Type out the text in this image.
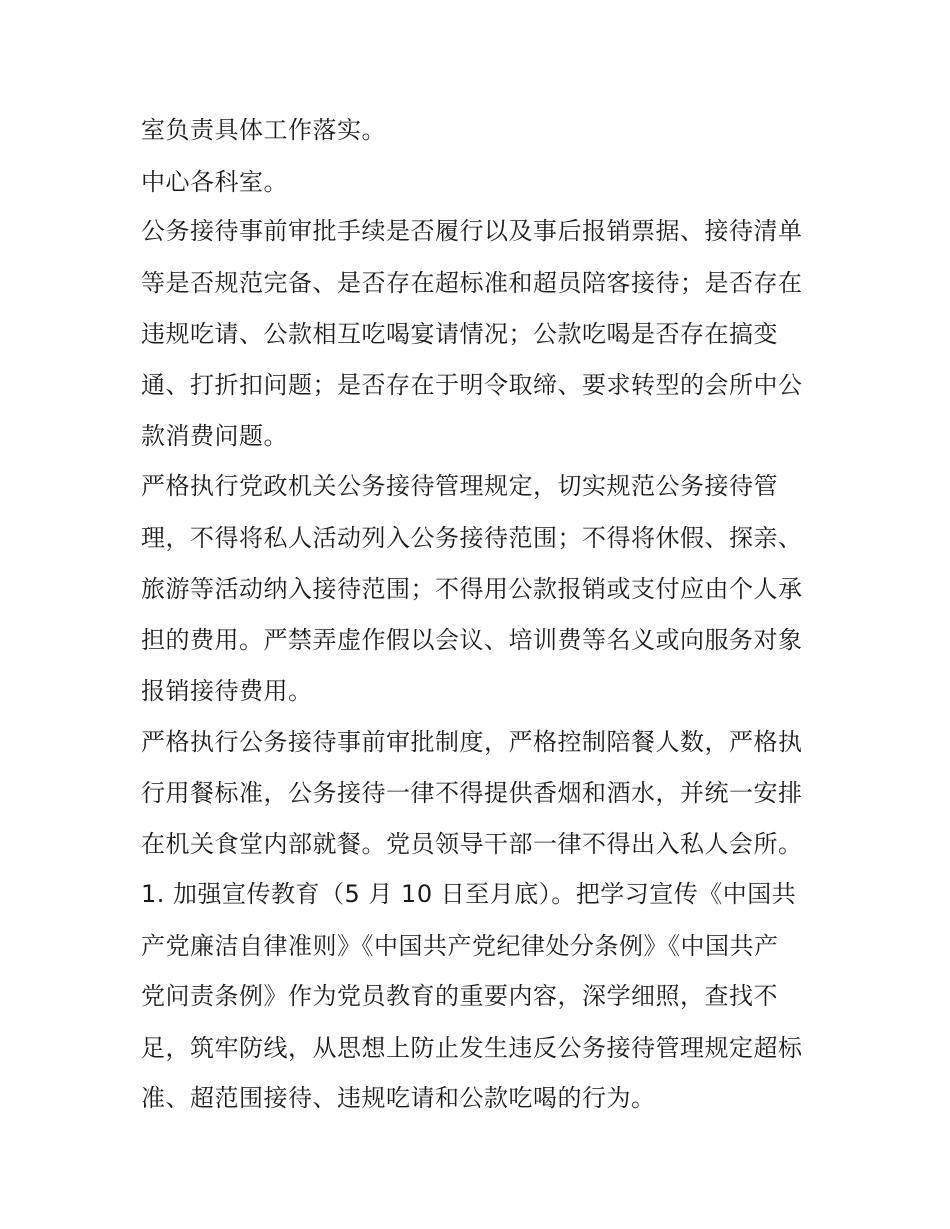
室负责具体工作落实。
中心各科室。
公务接待事前审批手续是否履行以及事后报销票据、接待清单
等是否规范完备、是否存在超标准和超员陪客接待；是否存在
违规吃请、公款相互吃喝宴请情况；公款吃喝是否存在搞变
通、打折扣问题；是否存在于明令取缔、要求转型的会所中公
款消费问题。
严格执行党政机关公务接待管理规定，切实规范公务接待管
理，不得将私人活动列入公务接待范围；不得将休假、探亲、
旅游等活动纳入接待范围；不得用公款报销或支付应由个人承
担的费用。严禁弄虚作假以会议、培训费等名义或向服务对象
报销接待费用。
严格执行公务接待事前审批制度，严格控制陪餐人数，严格执
行用餐标准，公务接待一律不得提供香烟和酒水，并统一安排
在机关食堂内部就餐。党员领导干部一律不得出入私人会所。
1. 加强宣传教育（5 月 10 日至月底）。把学习宣传《中国共
产党廉洁自律准则》《中国共产党纪律处分条例》《中国共产
党问责条例》作为党员教育的重要内容，深学细照，查找不
足，筑牢防线，从思想上防止发生违反公务接待管理规定超标
准、超范围接待、违规吃请和公款吃喝的行为。
